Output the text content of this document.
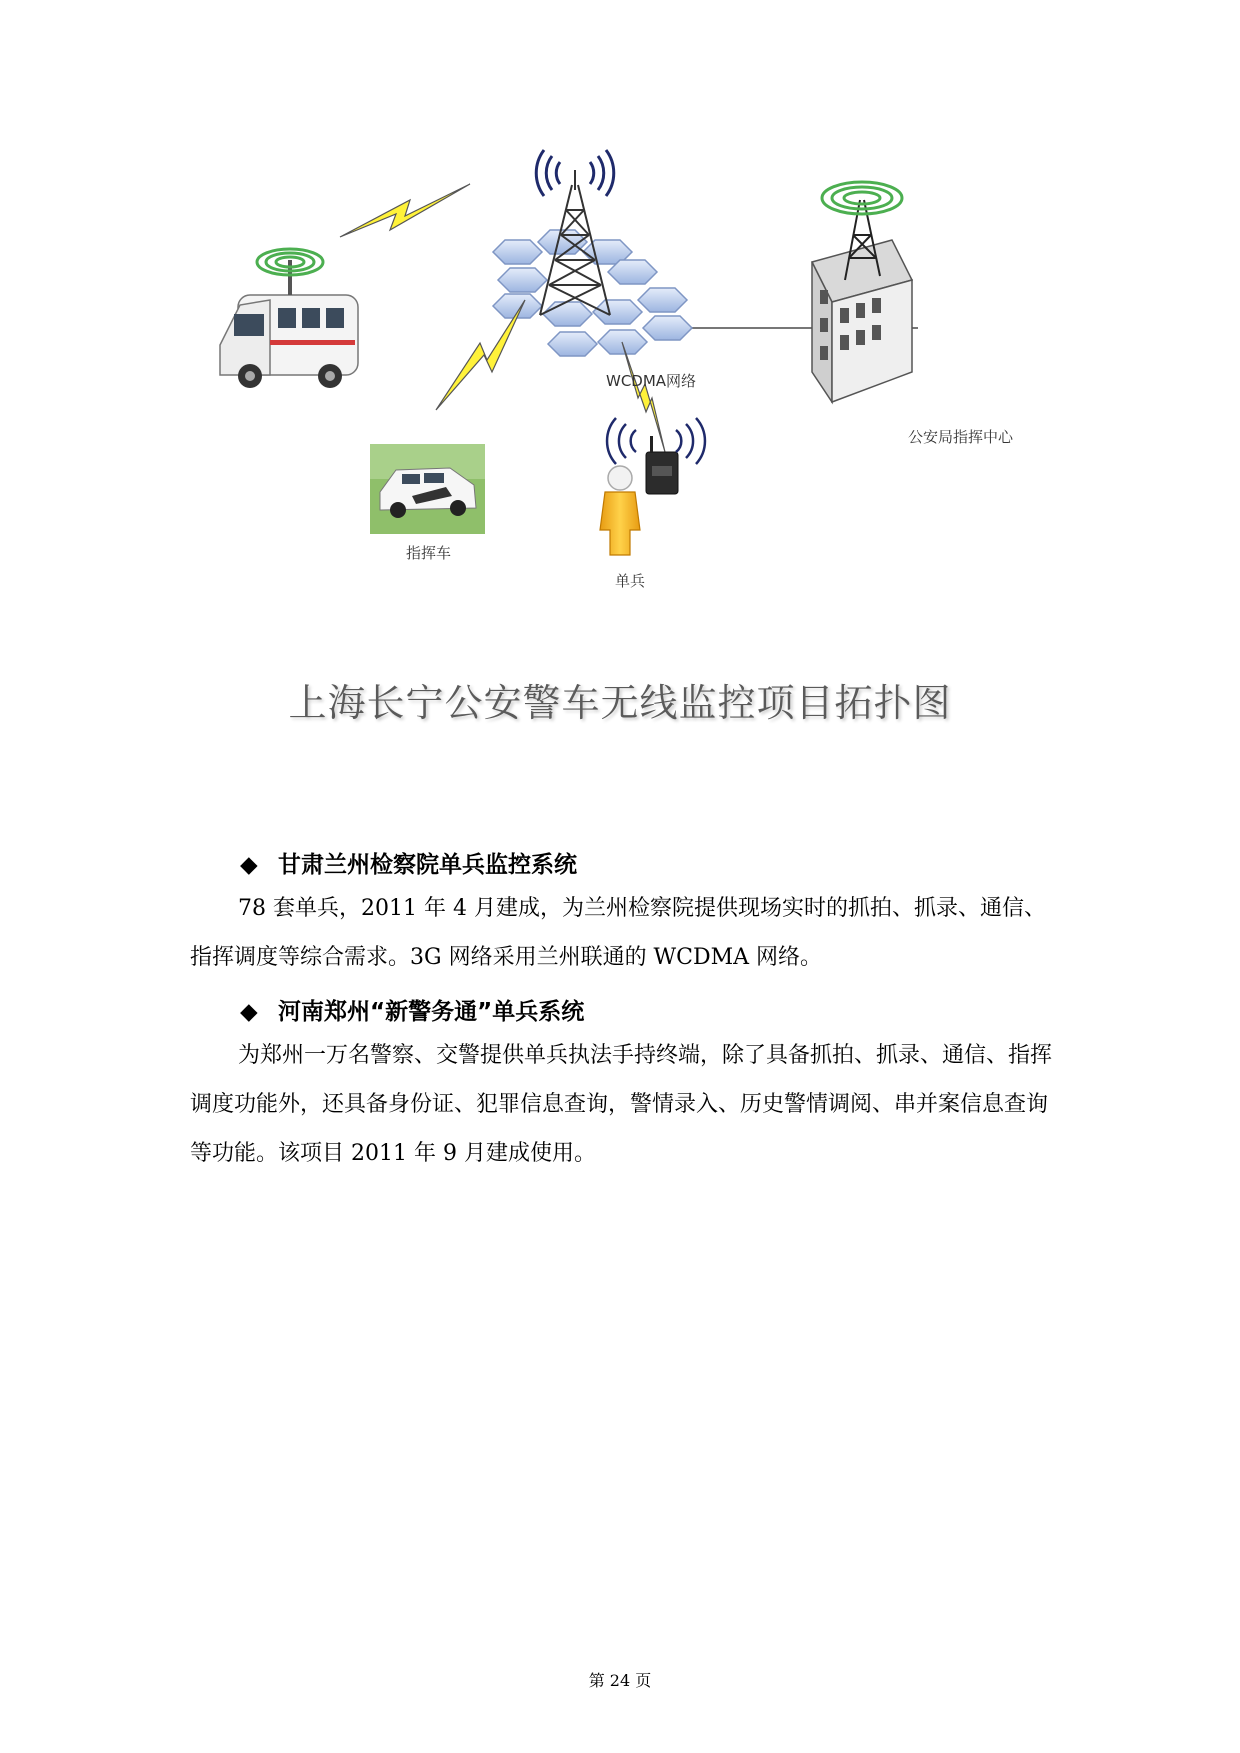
WCDMA网络
公安局指挥中心
指挥车
单兵
上海长宁公安警车无线监控项目拓扑图
◆ 甘肃兰州检察院单兵监控系统
78 套单兵，2011 年 4 月建成，为兰州检察院提供现场实时的抓拍、抓录、通信、指挥调度等综合需求。3G 网络采用兰州联通的 WCDMA 网络。
◆ 河南郑州“新警务通”单兵系统
为郑州一万名警察、交警提供单兵执法手持终端，除了具备抓拍、抓录、通信、指挥调度功能外，还具备身份证、犯罪信息查询，警情录入、历史警情调阅、串并案信息查询等功能。该项目 2011 年 9 月建成使用。
第 24 页
